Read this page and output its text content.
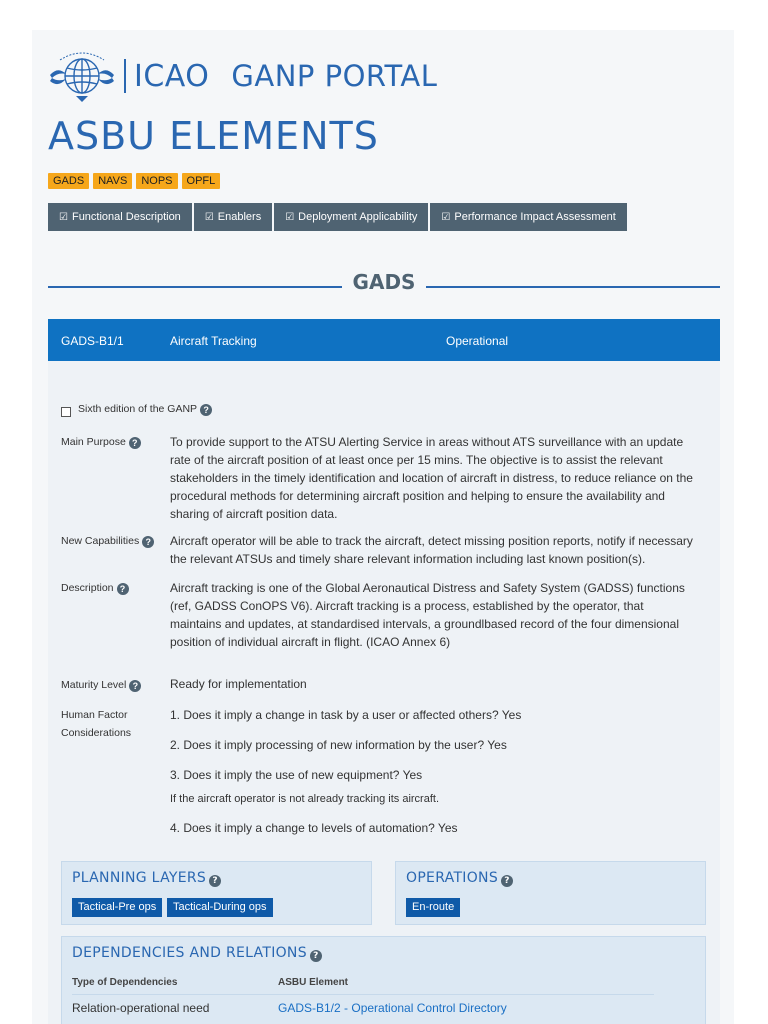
ICAO GANP PORTAL
ASBU ELEMENTS
GADS	NAVS	NOPS	OPFL
☑ Functional Description ☑ Enablers ☑ Deployment Applicability ☑ Performance Impact Assessment
GADS
GADS-B1/1	Aircraft Tracking	Operational
Sixth edition of the GANP ?
Main Purpose ?	To provide support to the ATSU Alerting Service in areas without ATS surveillance with an update
rate of the aircraft position of at least once per 15 mins. The objective is to assist the relevant
stakeholders in the timely identification and location of aircraft in distress, to reduce reliance on the
procedural methods for determining aircraft position and helping to ensure the availability and
sharing of aircraft position data.
New Capabilities ? Aircraft operator will be able to track the aircraft, detect missing position reports, notify if necessary
the relevant ATSUs and timely share relevant information including last known position(s).
Description ?	Aircraft tracking is one of the Global Aeronautical Distress and Safety System (GADSS) functions
(ref, GADSS ConOPS V6). Aircraft tracking is a process, established by the operator, that
maintains and updates, at standardised intervals, a groundlbased record of the four dimensional
position of individual aircraft in flight. (ICAO Annex 6)
Maturity Level ?	Ready for implementation
Human Factor
Considerations
1. Does it imply a change in task by a user or affected others? Yes
2. Does it imply processing of new information by the user? Yes
3. Does it imply the use of new equipment? Yes
If the aircraft operator is not already tracking its aircraft.
4. Does it imply a change to levels of automation? Yes
PLANNING LAYERS ?
Tactical-Pre ops	Tactical-During ops
OPERATIONS ?
En-route
DEPENDENCIES AND RELATIONS ?
Type of Dependencies	ASBU Element
Relation-operational need	GADS-B1/2 - Operational Control Directory
